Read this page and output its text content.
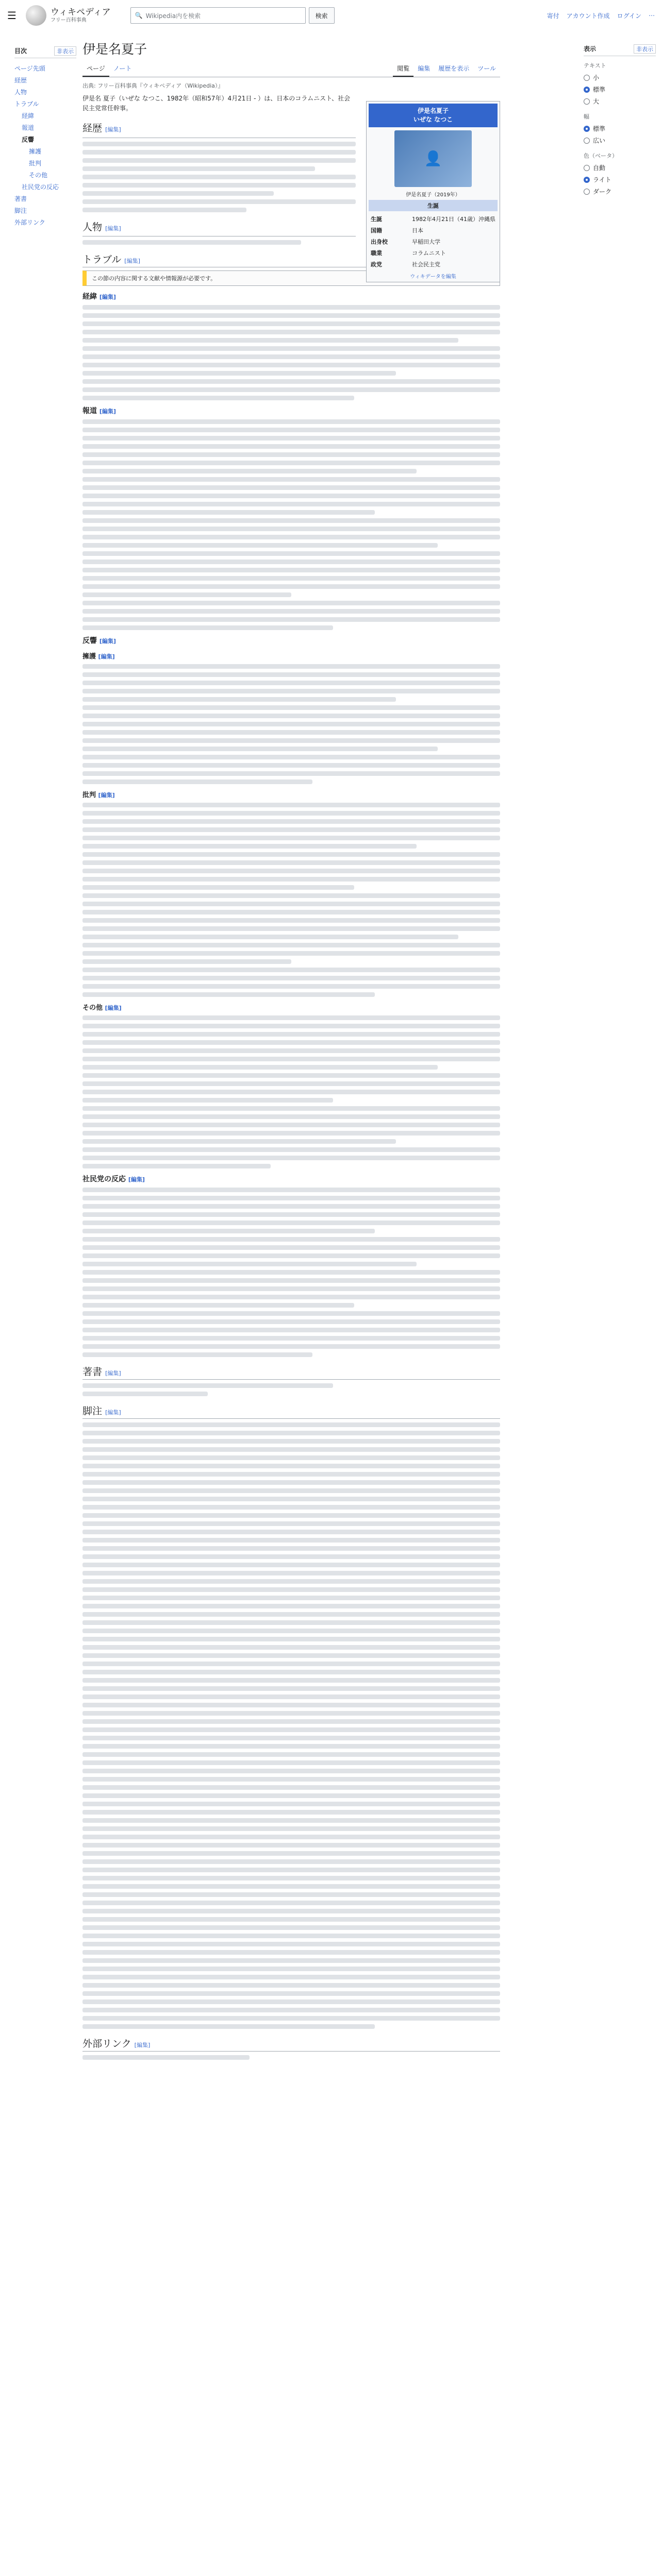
☰	ウィキペディア
フリー百科事典
🔍 Wikipedia内を検索	検索	寄付 アカウント作成 ログイン ⋯
目次	非表示
ページ先頭
経歴
人物
トラブル
経緯
報道
反響
擁護
批判
その他
社民党の反応
著書
脚注
外部リンク
表示	非表示
テキスト
小
標準
大
幅
標準
広い
色（ベータ）
自動
ライト
ダーク
伊是名夏子
ページ	ノート	閲覧	編集	履歴を表示	ツール
出典: フリー百科事典『ウィキペディア（Wikipedia）』
伊是名夏子
いぜな なつこ
👤
伊是名夏子（2019年）
生誕
生誕	1982年4月21日（41歳）沖縄県
国籍	日本
出身校	早稲田大学
職業	コラムニスト
政党	社会民主党
ウィキデータを編集

伊是名 夏子（いぜな なつこ、1982年（昭和57年）4月21日 - ）は、日本のコラムニスト、社会民主党常任幹事。

経歴 [編集]
人物 [編集]
トラブル [編集]
この節の内容に関する文献や情報源が必要です。
経緯 [編集]
報道 [編集]
反響 [編集]
擁護 [編集]
批判 [編集]
その他 [編集]
社民党の反応 [編集]
著書 [編集]
脚注 [編集]
外部リンク [編集]
